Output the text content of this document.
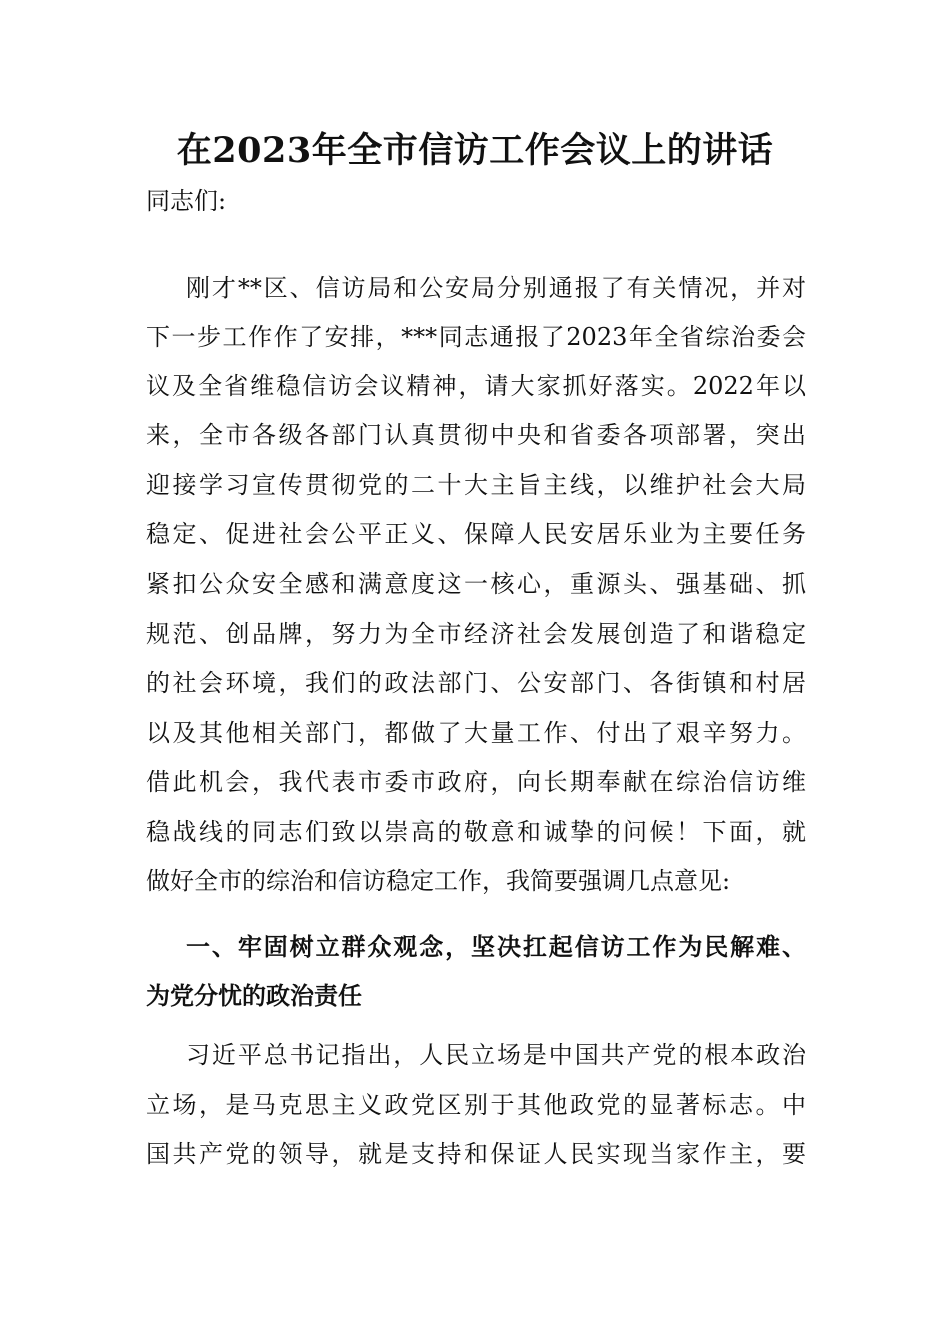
在2023年全市信访工作会议上的讲话

同志们:

刚才**区、信访局和公安局分别通报了有关情况，并对

下一步工作作了安排，***同志通报了2023年全省综治委会

议及全省维稳信访会议精神，请大家抓好落实。2022年以

来，全市各级各部门认真贯彻中央和省委各项部署，突出

迎接学习宣传贯彻党的二十大主旨主线，以维护社会大局

稳定、促进社会公平正义、保障人民安居乐业为主要任务

紧扣公众安全感和满意度这一核心，重源头、强基础、抓

规范、创品牌，努力为全市经济社会发展创造了和谐稳定

的社会环境，我们的政法部门、公安部门、各街镇和村居

以及其他相关部门，都做了大量工作、付出了艰辛努力。

借此机会，我代表市委市政府，向长期奉献在综治信访维

稳战线的同志们致以崇高的敬意和诚挚的问候！下面，就

做好全市的综治和信访稳定工作，我简要强调几点意见:

一、牢固树立群众观念，坚决扛起信访工作为民解难、

为党分忧的政治责任

习近平总书记指出，人民立场是中国共产党的根本政治

立场，是马克思主义政党区别于其他政党的显著标志。中

国共产党的领导，就是支持和保证人民实现当家作主，要
